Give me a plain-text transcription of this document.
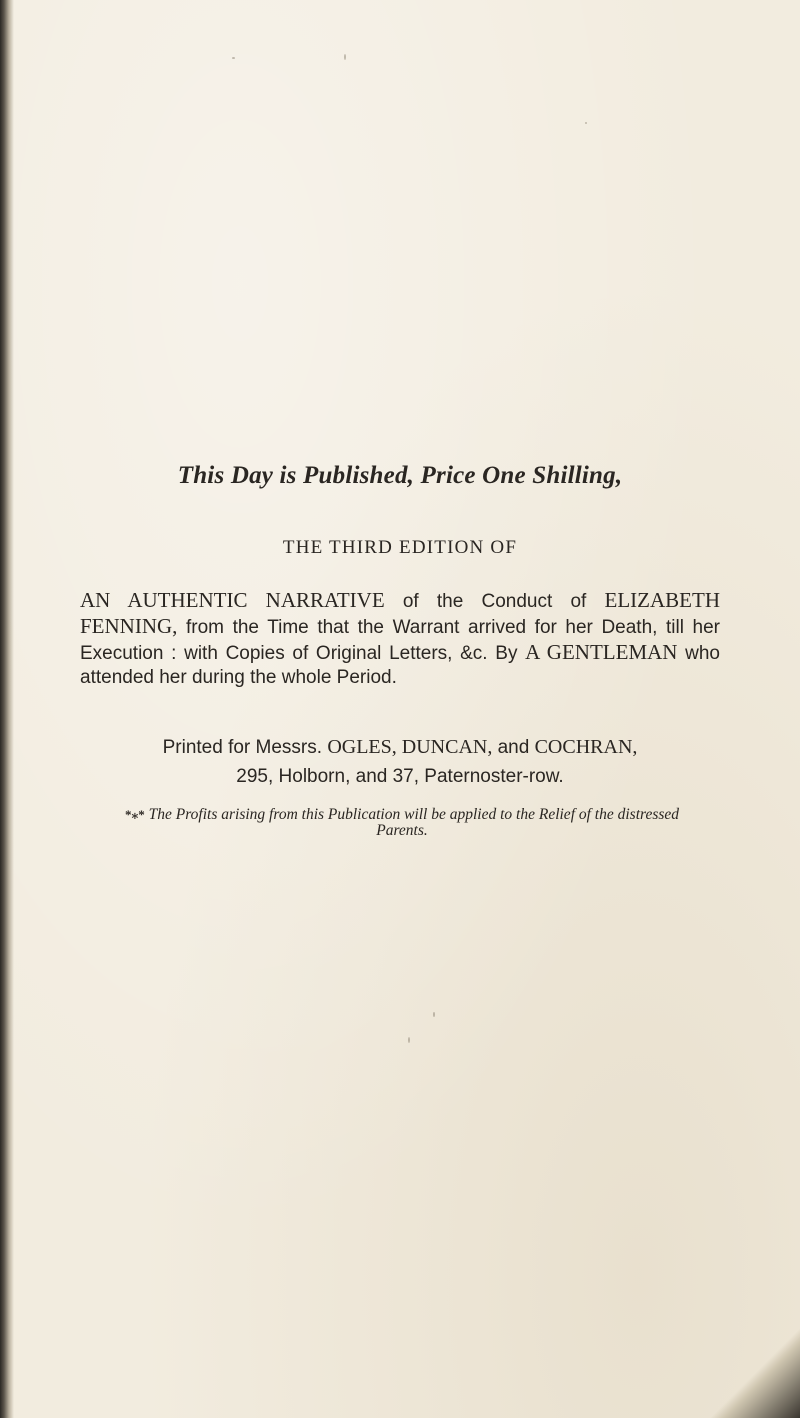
This Day is Published, Price One Shilling,
THE THIRD EDITION OF
AN AUTHENTIC NARRATIVE of the Conduct of ELIZABETH FENNING, from the Time that the Warrant arrived for her Death, till her Execution : with Copies of Original Letters, &c. By A GENTLEMAN who attended her during the whole Period.
Printed for Messrs. OGLES, DUNCAN, and COCHRAN,
295, Holborn, and 37, Paternoster-row.
*⁎* The Profits arising from this Publication will be applied to the Relief of the distressed Parents.
